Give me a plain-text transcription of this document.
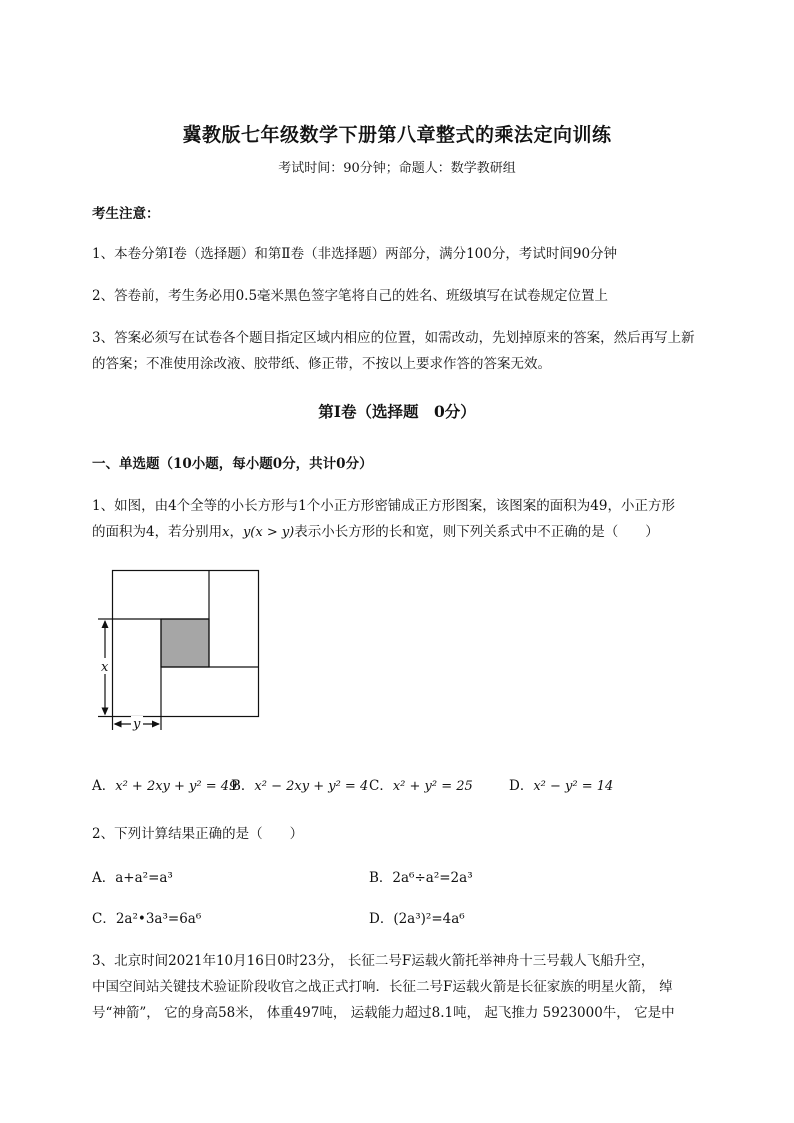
冀教版七年级数学下册第八章整式的乘法定向训练
考试时间：90分钟；命题人：数学教研组
考生注意：
1、本卷分第Ⅰ卷（选择题）和第Ⅱ卷（非选择题）两部分，满分100分，考试时间90分钟
2、答卷前，考生务必用0.5毫米黑色签字笔将自己的姓名、班级填写在试卷规定位置上
3、答案必须写在试卷各个题目指定区域内相应的位置，如需改动，先划掉原来的答案，然后再写上新
的答案；不准使用涂改液、胶带纸、修正带，不按以上要求作答的答案无效。
第Ⅰ卷（选择题　0分）
一、单选题（10小题，每小题0分，共计0分）
1、如图，由4个全等的小长方形与1个小正方形密铺成正方形图案，该图案的面积为49，小正方形
的面积为4，若分别用x，y(x > y)表示小长方形的长和宽，则下列关系式中不正确的是（　　）
x
y
A．x² + 2xy + y² = 49
B．x² − 2xy + y² = 4 C．x² + y² = 25	D．x² − y² = 14
2、下列计算结果正确的是（　　）
A．a+a²=a³	B．2a⁶÷a²=2a³
C．2a²•3a³=6a⁶	D．(2a³)²=4a⁶
3、北京时间2021年10月16日0时23分， 长征二号F运载火箭托举神舟十三号载人飞船升空，
中国空间站关键技术验证阶段收官之战正式打响．长征二号F运载火箭是长征家族的明星火箭， 绰
号“神箭”， 它的身高58米， 体重497吨， 运载能力超过8.1吨， 起飞推力 5923000牛， 它是中
